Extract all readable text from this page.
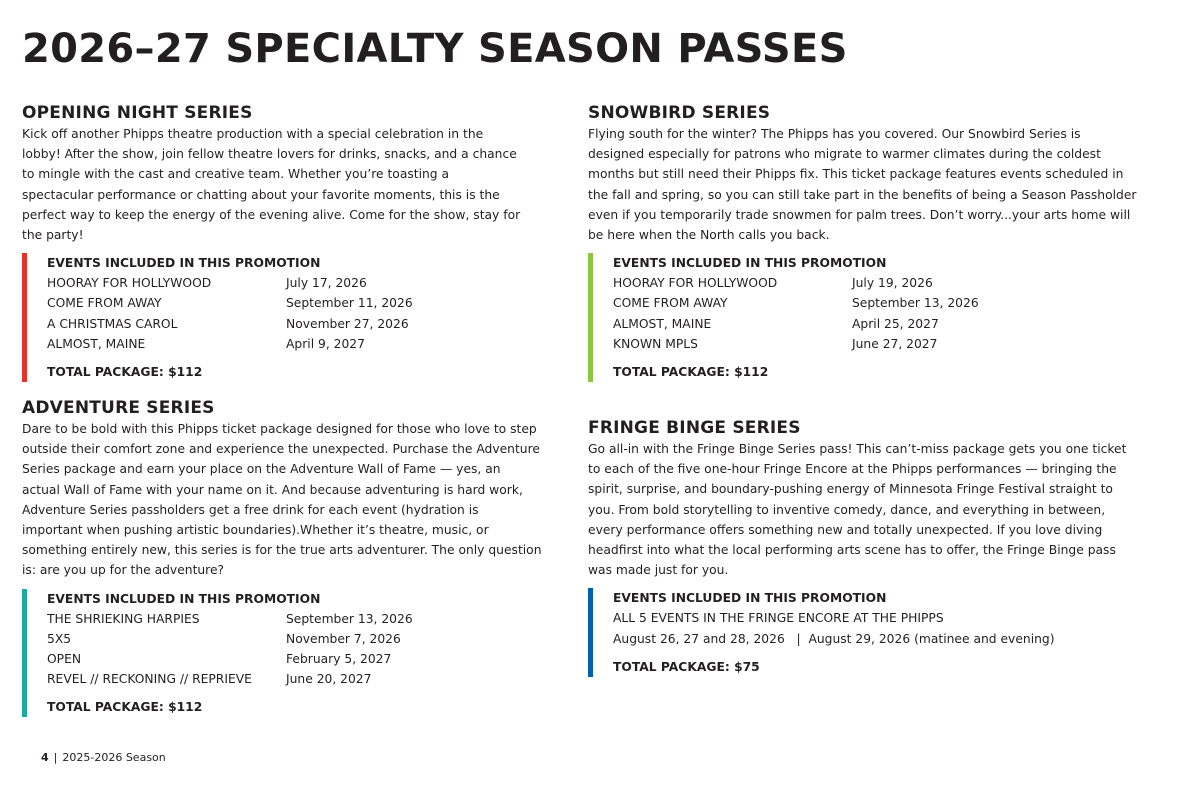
2026–27 SPECIALTY SEASON PASSES
OPENING NIGHT SERIES

Kick off another Phipps theatre production with a special celebration in the lobby! After the show, join fellow theatre lovers for drinks, snacks, and a chance to mingle with the cast and creative team. Whether you’re toasting a spectacular performance or chatting about your favorite moments, this is the perfect way to keep the energy of the evening alive. Come for the show, stay for the party!

EVENTS INCLUDED IN THIS PROMOTION
HOORAY FOR HOLLYWOOD	July 17, 2026
COME FROM AWAY	September 11, 2026
A CHRISTMAS CAROL	November 27, 2026
ALMOST, MAINE	April 9, 2027
TOTAL PACKAGE: $112
ADVENTURE SERIES

Dare to be bold with this Phipps ticket package designed for those who love to step outside their comfort zone and experience the unexpected. Purchase the Adventure Series package and earn your place on the Adventure Wall of Fame — yes, an actual Wall of Fame with your name on it. And because adventuring is hard work, Adventure Series passholders get a free drink for each event (hydration is important when pushing artistic boundaries).Whether it’s theatre, music, or something entirely new, this series is for the true arts adventurer. The only question is: are you up for the adventure?

EVENTS INCLUDED IN THIS PROMOTION
THE SHRIEKING HARPIES	September 13, 2026
5X5	November 7, 2026
OPEN	February 5, 2027
REVEL // RECKONING // REPRIEVE	June 20, 2027
TOTAL PACKAGE: $112
SNOWBIRD SERIES

Flying south for the winter? The Phipps has you covered. Our Snowbird Series is designed especially for patrons who migrate to warmer climates during the coldest months but still need their Phipps fix. This ticket package features events scheduled in the fall and spring, so you can still take part in the benefits of being a Season Passholder even if you temporarily trade snowmen for palm trees. Don’t worry...your arts home will be here when the North calls you back.

EVENTS INCLUDED IN THIS PROMOTION
HOORAY FOR HOLLYWOOD	July 19, 2026
COME FROM AWAY	September 13, 2026
ALMOST, MAINE	April 25, 2027
KNOWN MPLS	June 27, 2027
TOTAL PACKAGE: $112
FRINGE BINGE SERIES

Go all-in with the Fringe Binge Series pass! This can’t-miss package gets you one ticket to each of the five one-hour Fringe Encore at the Phipps performances — bringing the spirit, surprise, and boundary-pushing energy of Minnesota Fringe Festival straight to you. From bold storytelling to inventive comedy, dance, and everything in between, every performance offers something new and totally unexpected. If you love diving headfirst into what the local performing arts scene has to offer, the Fringe Binge pass was made just for you.

EVENTS INCLUDED IN THIS PROMOTION
ALL 5 EVENTS IN THE FRINGE ENCORE AT THE PHIPPS
August 26, 27 and 28, 2026   |  August 29, 2026 (matinee and evening)
TOTAL PACKAGE: $75
4 | 2025-2026 Season
